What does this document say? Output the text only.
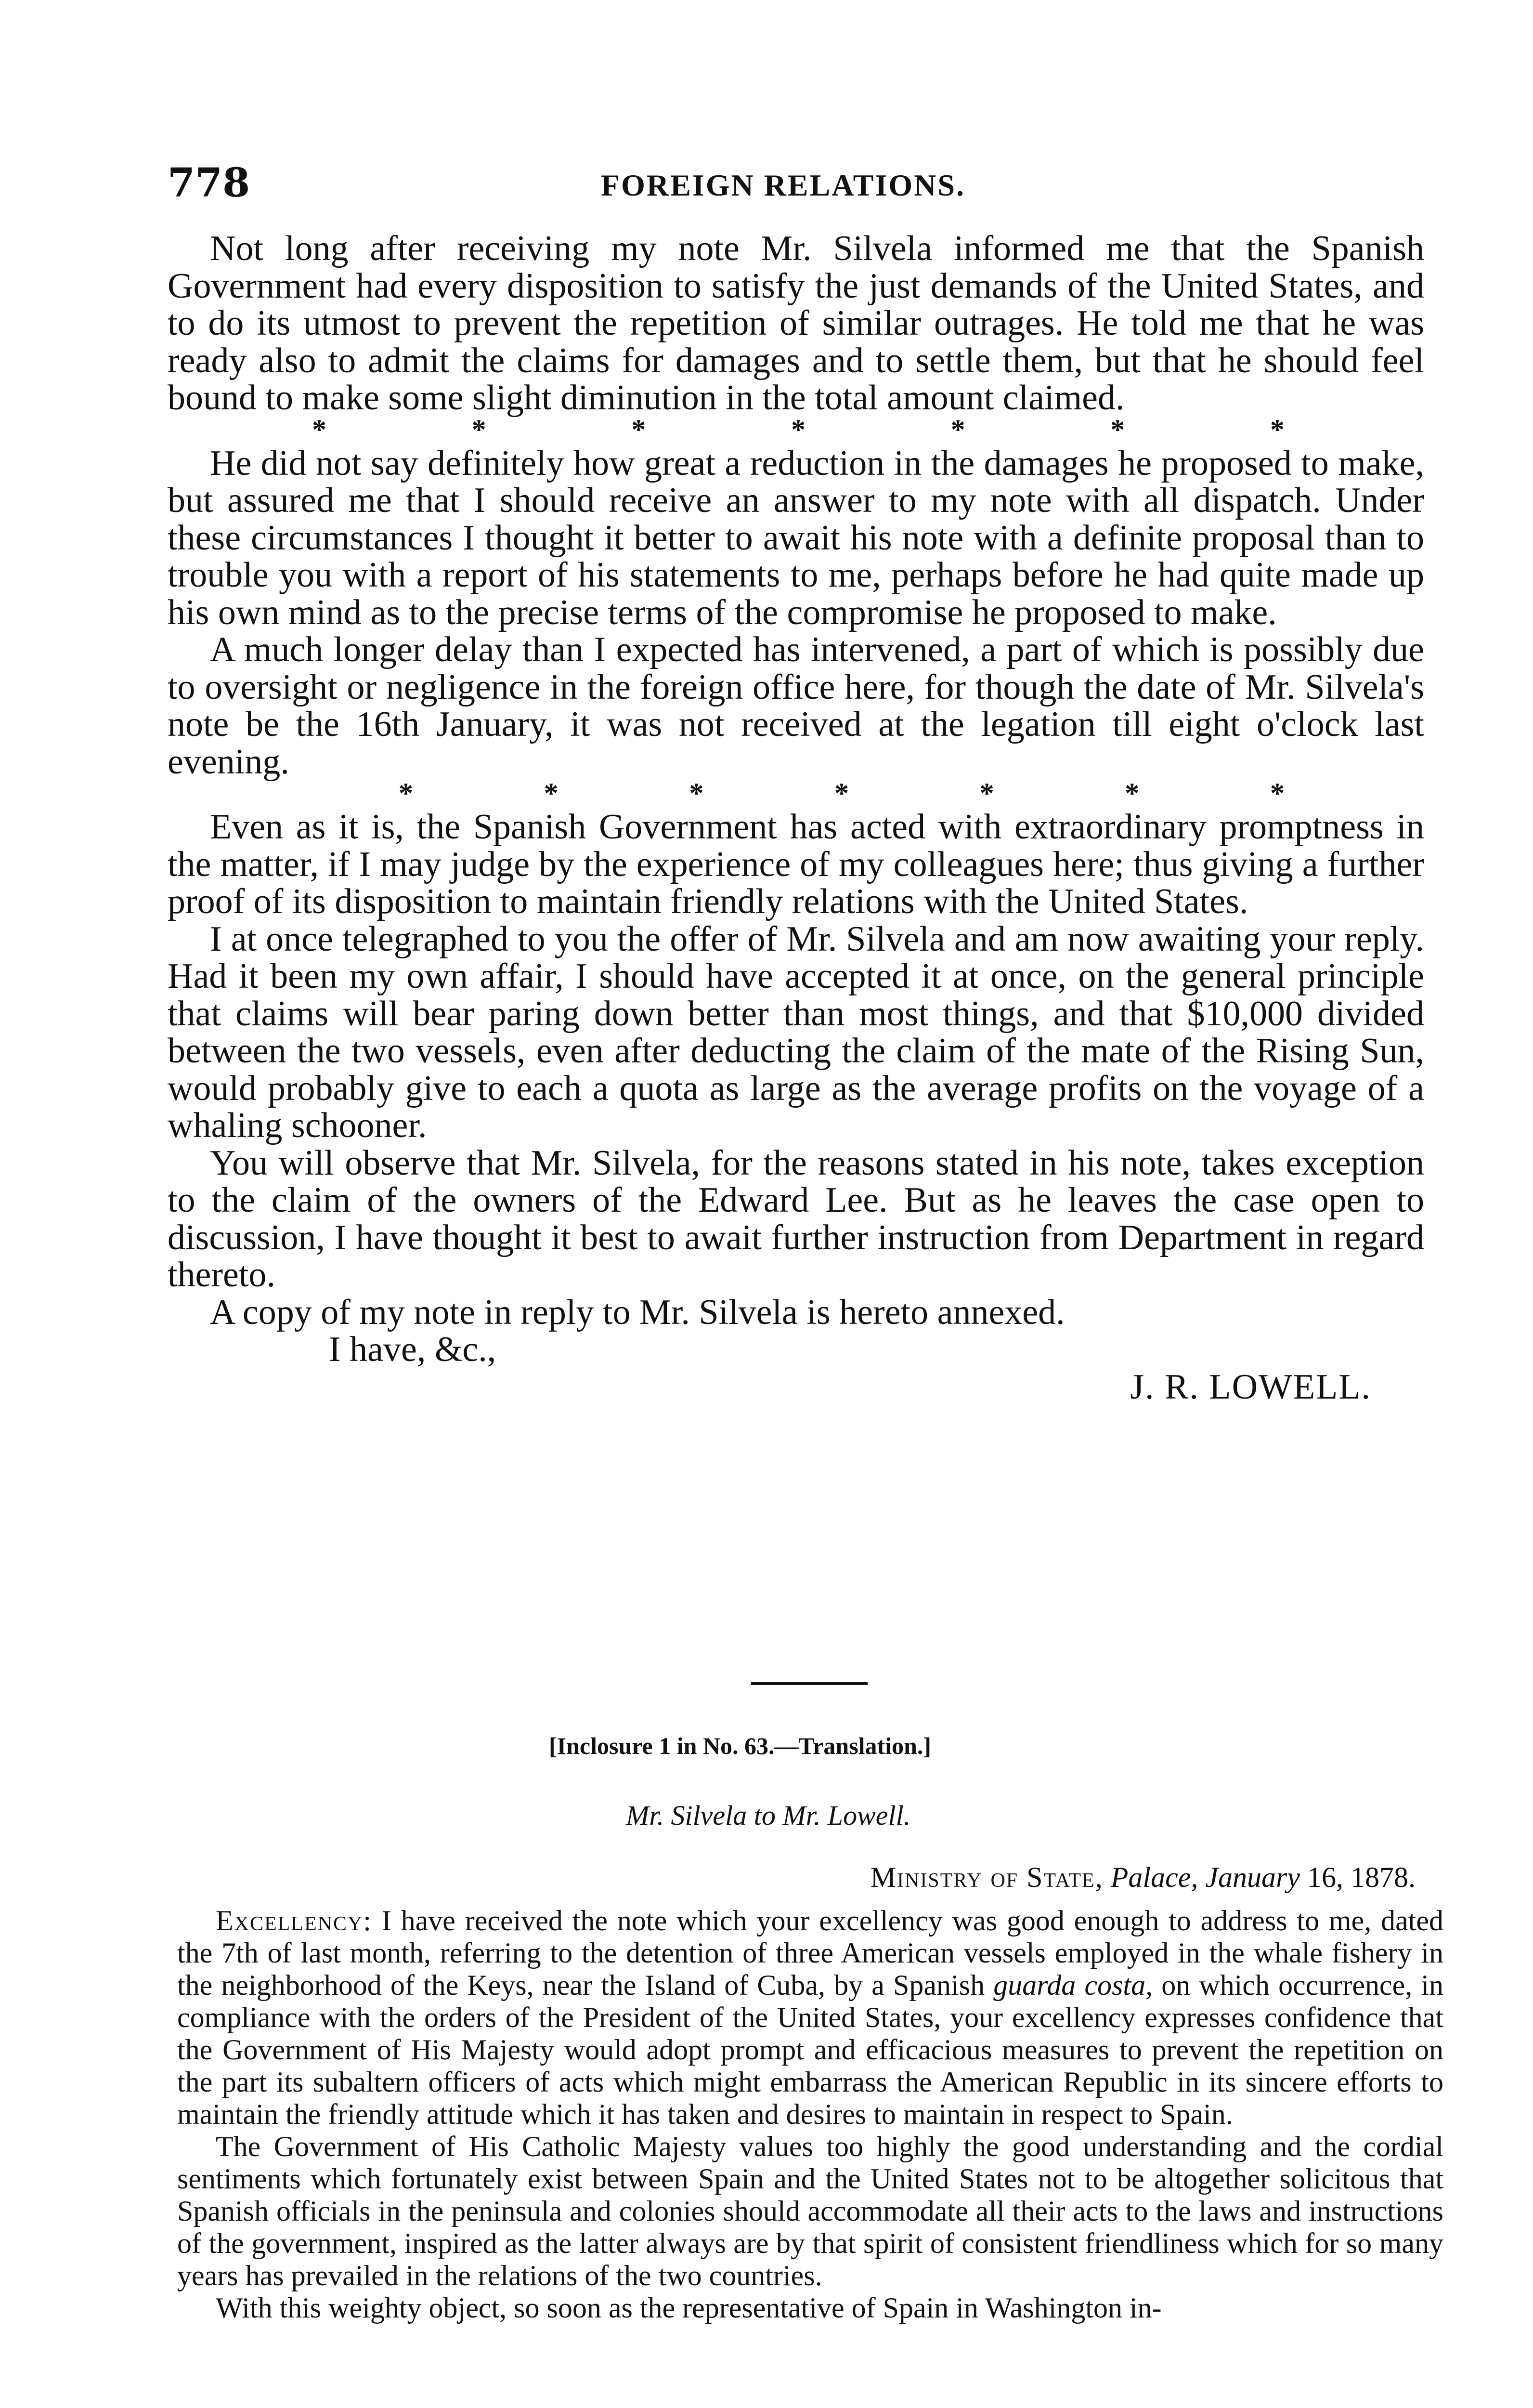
778	FOREIGN RELATIONS.

Not long after receiving my note Mr. Silvela informed me that the Spanish Government had every disposition to satisfy the just demands of the United States, and to do its utmost to prevent the repetition of similar outrages. He told me that he was ready also to admit the claims for damages and to settle them, but that he should feel bound to make some slight diminution in the total amount claimed.

*	*	*	*	*	*	*

He did not say definitely how great a reduction in the damages he proposed to make, but assured me that I should receive an answer to my note with all dispatch. Under these circumstances I thought it better to await his note with a definite proposal than to trouble you with a report of his statements to me, perhaps before he had quite made up his own mind as to the precise terms of the compromise he proposed to make.

A much longer delay than I expected has intervened, a part of which is possibly due to oversight or negligence in the foreign office here, for though the date of Mr. Silvela's note be the 16th January, it was not received at the legation till eight o'clock last evening.

*	*	*	*	*	*	*

Even as it is, the Spanish Government has acted with extraordinary promptness in the matter, if I may judge by the experience of my colleagues here; thus giving a further proof of its disposition to maintain friendly relations with the United States.

I at once telegraphed to you the offer of Mr. Silvela and am now awaiting your reply. Had it been my own affair, I should have accepted it at once, on the general principle that claims will bear paring down better than most things, and that $10,000 divided between the two vessels, even after deducting the claim of the mate of the Rising Sun, would probably give to each a quota as large as the average profits on the voyage of a whaling schooner.

You will observe that Mr. Silvela, for the reasons stated in his note, takes exception to the claim of the owners of the Edward Lee. But as he leaves the case open to discussion, I have thought it best to await further instruction from Department in regard thereto.

A copy of my note in reply to Mr. Silvela is hereto annexed.

I have, &c.,

J. R. LOWELL.

[Inclosure 1 in No. 63.—Translation.]
Mr. Silvela to Mr. Lowell.
Ministry of State, Palace, January 16, 1878.

Excellency: I have received the note which your excellency was good enough to address to me, dated the 7th of last month, referring to the detention of three American vessels employed in the whale fishery in the neighborhood of the Keys, near the Island of Cuba, by a Spanish guarda costa, on which occurrence, in compliance with the orders of the President of the United States, your excellency expresses confidence that the Government of His Majesty would adopt prompt and efficacious measures to prevent the repetition on the part its subaltern officers of acts which might embarrass the American Republic in its sincere efforts to maintain the friendly attitude which it has taken and desires to maintain in respect to Spain.

The Government of His Catholic Majesty values too highly the good understanding and the cordial sentiments which fortunately exist between Spain and the United States not to be altogether solicitous that Spanish officials in the peninsula and colonies should accommodate all their acts to the laws and instructions of the government, inspired as the latter always are by that spirit of consistent friendliness which for so many years has prevailed in the relations of the two countries.

With this weighty object, so soon as the representative of Spain in Washington in-
